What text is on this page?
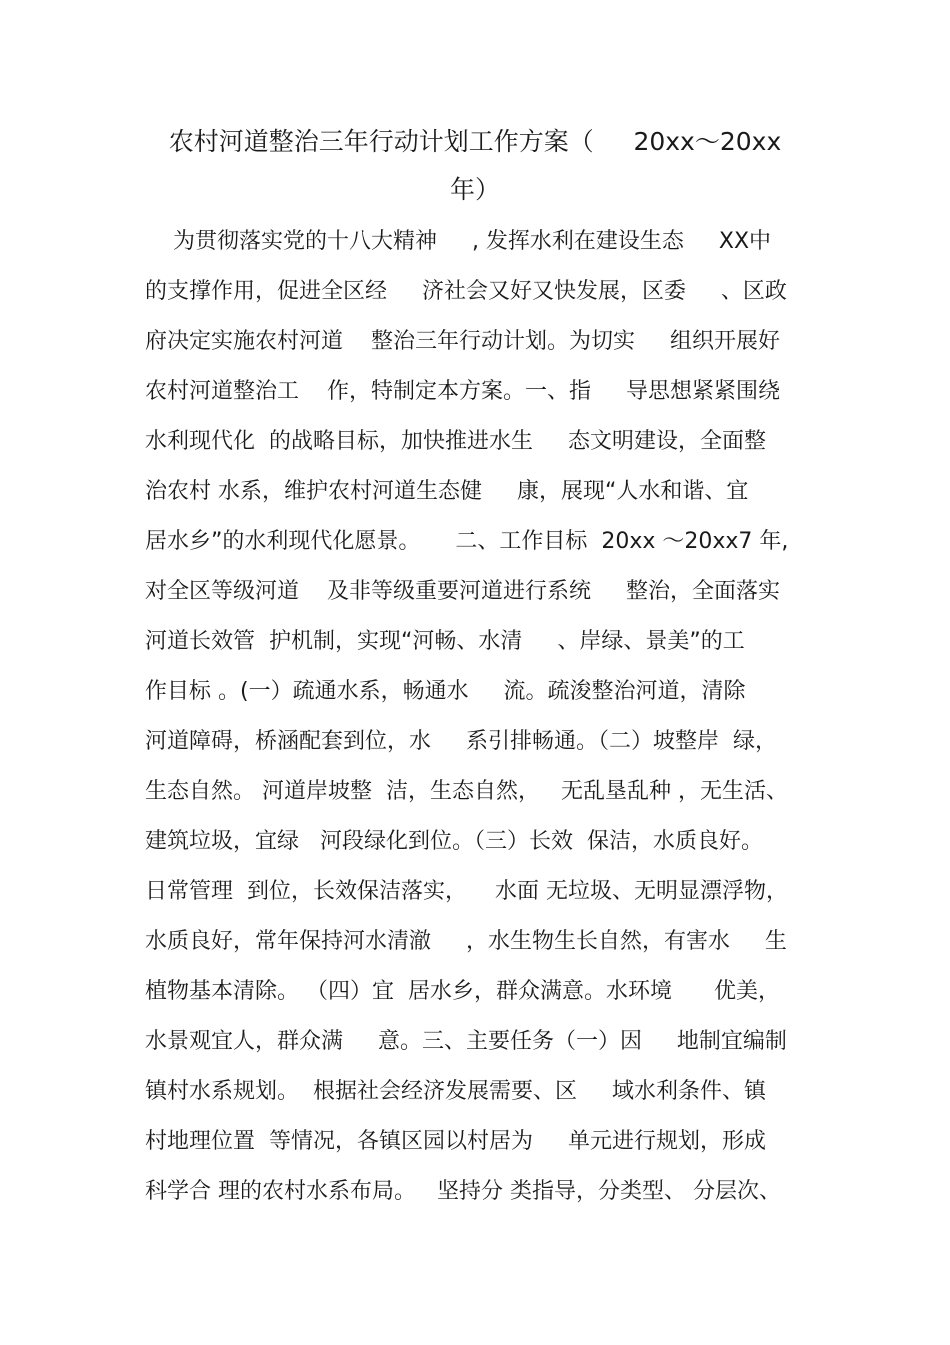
农村河道整治三年行动计划工作方案（     20xx～20xx
年）

为贯彻落实党的十八大精神     , 发挥水利在建设生态     XX中

的支撑作用，促进全区经     济社会又好又快发展，区委     、区政

府决定实施农村河道    整治三年行动计划。为切实     组织开展好

农村河道整治工    作，特制定本方案。一、指     导思想紧紧围绕

水利现代化  的战略目标，加快推进水生     态文明建设，全面整

治农村 水系，维护农村河道生态健     康，展现“人水和谐、宜

居水乡”的水利现代化愿景。     二、工作目标  20xx ～20xx7 年,

对全区等级河道    及非等级重要河道进行系统     整治，全面落实

河道长效管  护机制，实现“河畅、水清     、岸绿、景美”的工

作目标 。(一）疏通水系，畅通水     流。疏浚整治河道，清除

河道障碍，桥涵配套到位，水     系引排畅通。（二）坡整岸  绿，

生态自然。 河道岸坡整  洁，生态自然，   无乱垦乱种 ，无生活、

建筑垃圾，宜绿   河段绿化到位。（三）长效  保洁，水质良好。

日常管理  到位，长效保洁落实，    水面 无垃圾、无明显漂浮物，

水质良好，常年保持河水清澈     ，水生物生长自然，有害水     生

植物基本清除。 （四）宜  居水乡，群众满意。水环境      优美，

水景观宜人，群众满     意。三、主要任务（一）因     地制宜编制

镇村水系规划。  根据社会经济发展需要、区     域水利条件、镇

村地理位置  等情况，各镇区园以村居为     单元进行规划，形成

科学合 理的农村水系布局。   坚持分 类指导，分类型、 分层次、
